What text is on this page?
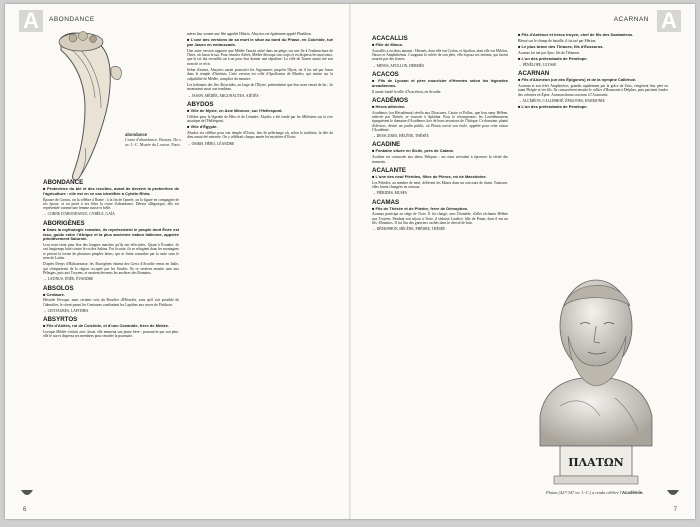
A	ABONDANCE
abondance
Corne d'abondance. Bronze, IIe s. av. J.-C. Musée du Louvre, Paris.
ABONDANCE
■ Protectrice du blé et des récoltes, avant de devenir la protectrice de l'agriculture : elle est en ce cas identifiée à Cybèle-Rhéa.

Épouse de Cronos, on la célèbre à Rome ; à la fin de l'année, on la figure en compagnie de ses époux, et on porte à ses fêtes la corne d'abondance. Déesse allégorique, elle est représentée comme une femme assise et belle.

→ CORNE D'ABONDANCE, CYBÈLE, GAÏA

ABORIGÈNES
■ Dans la mythologie romaine, ils représentent le peuple dont Énée est issu, guide entre l'Afrique et la plus ancienne nation italienne, appelée primitivement Saturnie.

Leur nom vient pour être des longues marches qu'ils ont effectuées. Quant à Évandre, ils ont longtemps lutté contre le roi des Sabins. Par la suite, ils se réfugient dans les montagnes et prirent la forme de plusieurs peuples latins, qui se firent connaître par la suite sous le nom de Latins.

D'après Denys d'Halicarnasse, les Aborigènes étaient des Grecs d'Arcadie venus en Italie, qui s'emparèrent de la région occupée par les Sicules. Ils se seraient ensuite unis aux Pélasges, puis aux Troyens, et seraient devenus les ancêtres des Romains.

→ LATINUS, ÉNÉE, ÉVANDRE

ABSOLOS
■ Centaure.

Hésiode l'évoque, mais certains vers du Bouclier d'Héraclès, sans qu'il soit possible de l'identifier, le citent parmi les Centaures combattant les Lapithes aux noces de Pirithoos.

→ CENTAURES, LAPITHES

ABSYRTOS
■ Fils d'Aiétès, roi de Colchide, et d'une Océanide, frère de Médée.

Lorsque Médée s'enfuit avec Jason, elle emmena son jeune frère ; poursuivie par son père, elle le tua et dispersa ses membres pour retarder la poursuite.

mères leur vouent une fête appelée Hilaria. Absyrtos est également appelé Phaéthon.

■ L'une des versions de sa mort le situe au bord du Phase, en Colchide, tué par Jason en embuscade.

Une autre version rapporte que Médée l'aurait attiré dans un piège, sur une île à l'embouchure de l'Ister, où Jason le tua. Pour retarder Aiétès, Médée découpa son corps et en dispersa les morceaux, que le roi dut recueillir un à un pour leur donner une sépulture. La ville de Tomes aurait tiré son nom de ce récit.

Selon d'autres, Absyrtos aurait poursuivi les Argonautes jusqu'en Illyrie, où il fut tué par Jason dans le temple d'Artémis. Cette version est celle d'Apollonios de Rhodes, qui insiste sur la culpabilité de Médée, complice du meurtre.

Les habitants des îles Absyrtides, au large de l'Illyrie, prétendaient que leur nom venait de lui ; ils montraient aussi son tombeau.

→ JASON, MÉDÉE, ARGONAUTES, AIÉTÈS

ABYDOS
■ Ville de Mysie, en Asie Mineure, sur l'Hellespont.

Célèbre pour la légende de Héro et de Léandre. Abydos a été fondé par les Milésiens sur la rive asiatique de l'Hellespont.

■ Ville d'Égypte.

Abydos est célèbre pour son temple d'Osiris, lieu de pèlerinage où, selon la tradition, la tête du dieu aurait été enterrée. On y célébrait chaque année les mystères d'Osiris.

→ OSIRIS, HÉRO, LÉANDRE

6
ACARNAN A
ACACALLIS
■ Fille de Minos.

Acacallis a eu deux amants : Hermès, dont elle eut Cydon, et Apollon, dont elle eut Milétos, Naxos et Amphithémis. Craignant la colère de son père, elle exposa ses enfants, qui furent nourris par des louves.

→ MINOS, APOLLON, HERMÈS

ACACOS
■ Fils de Lycaon et père nourricier d'Hermès selon les légendes arcadiennes.

Il aurait fondé la ville d'Acacésion, en Arcadie.

ACADÉMOS
■ Héros athénien.

Académos (ou Hécadémos) révéla aux Dioscures, Castor et Pollux, que leur sœur Hélène, enlevée par Thésée, se trouvait à Aphidna. Pour le récompenser, les Lacédémoniens épargnèrent le domaine d'Académos lors de leurs invasions de l'Attique. Ce domaine, planté d'oliviers, devint un jardin public, où Platon ouvrit son école, appelée pour cette raison l'Académie.

→ DIOSCURES, HÉLÈNE, THÉSÉE

ACADINE
■ Fontaine située en Sicile, près de Catane.

Acadine est consacrée aux dieux Paliques : ses eaux servaient à éprouver la vérité des serments.

ACALANTE
■ L'une des neuf Piérides, filles de Piéros, roi de Macédoine.

Les Piérides, au nombre de neuf, défièrent les Muses dans un concours de chant. Vaincues, elles furent changées en oiseaux.

→ PIÉRIDES, MUSES

ACAMAS
■ Fils de Thésée et de Phèdre, frère de Démophon.

Acamas participa au siège de Troie. Il fut chargé, avec Diomède, d'aller réclamer Hélène aux Troyens. Pendant son séjour à Troie, il séduisit Laodicé, fille de Priam, dont il eut un fils, Mounitos. Il fut l'un des guerriers cachés dans le cheval de bois.

→ DÉMOPHON, HÉLÈNE, PHÈDRE, THÉSÉE

■ Fils d'Anténor et héros troyen, chef de fils des Dardaniens.

Blessé sur le champ de bataille, il fut tué par Mérion.

■ Le plus brave des Thraces, fils d'Eussoros.

Acamas fut tué par Ajax, fils de Télamon.

■ L'un des prétendants de Pénélope.

→ PÉNÉLOPE, ULYSSE

ACARNAN
■ Fils d'Alcméon (un des Épigones) et de la nymphe Callirhoé.

Acarnan et son frère Amphotéros, grandis rapidement par la grâce de Zeus, vengèrent leur père en tuant Phégée et ses fils. Ils consacrèrent ensuite le collier d'Harmonie à Delphes, puis partirent fonder des colonies en Épire. Acarnan donna son nom à l'Acarnanie.

→ ALCMÉON, CALLIRHOÉ, ÉPIGONES, HARMONIE

■ L'un des prétendants de Pénélope.
ΠΛΑΤΩΝ
Platon (427-347 av. J.-C.) a rendu célèbre l'Académie.
7
